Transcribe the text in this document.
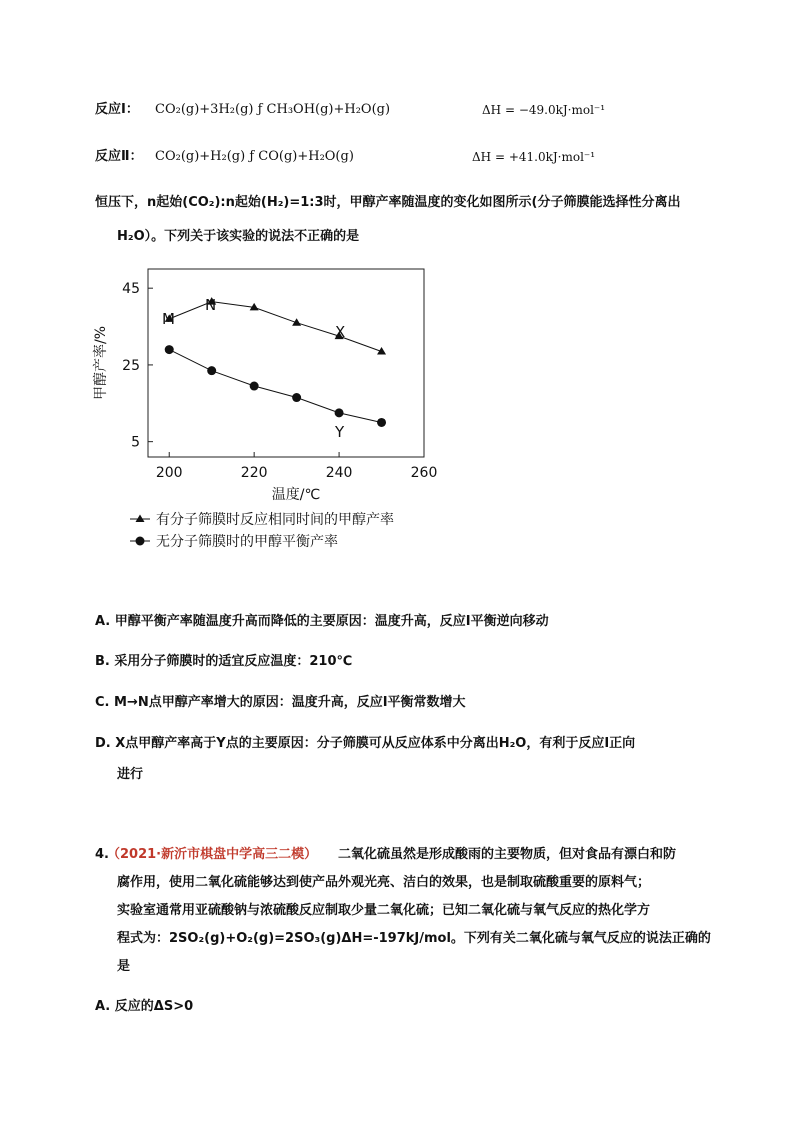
反应Ⅰ： CO₂(g)+3H₂(g) ƒ CH₃OH(g)+H₂O(g)	ΔH = −49.0kJ·mol⁻¹
反应Ⅱ： CO₂(g)+H₂(g) ƒ CO(g)+H₂O(g)	ΔH = +41.0kJ·mol⁻¹
恒压下，n起始(CO₂):n起始(H₂)=1:3时，甲醇产率随温度的变化如图所示(分子筛膜能选择性分离出
H₂O）。下列关于该实验的说法不正确的是
45
25
5
200	220	240	260
甲醇产率/%
温度/℃
M
N
X
Y
有分子筛膜时反应相同时间的甲醇产率
无分子筛膜时的甲醇平衡产率
A. 甲醇平衡产率随温度升高而降低的主要原因：温度升高，反应Ⅰ平衡逆向移动
B. 采用分子筛膜时的适宜反应温度：210℃
C. M→N点甲醇产率增大的原因：温度升高，反应Ⅰ平衡常数增大
D. X点甲醇产率高于Y点的主要原因：分子筛膜可从反应体系中分离出H₂O，有利于反应Ⅰ正向
进行
4.
（2021·新沂市棋盘中学高三二模） 二氧化硫虽然是形成酸雨的主要物质，但对食品有漂白和防
腐作用，使用二氧化硫能够达到使产品外观光亮、洁白的效果，也是制取硫酸重要的原料气；
实验室通常用亚硫酸钠与浓硫酸反应制取少量二氧化硫；已知二氧化硫与氧气反应的热化学方
程式为：2SO₂(g)+O₂(g)=2SO₃(g)ΔH=-197kJ/mol。下列有关二氧化硫与氧气反应的说法正确的
是
A. 反应的ΔS>0
